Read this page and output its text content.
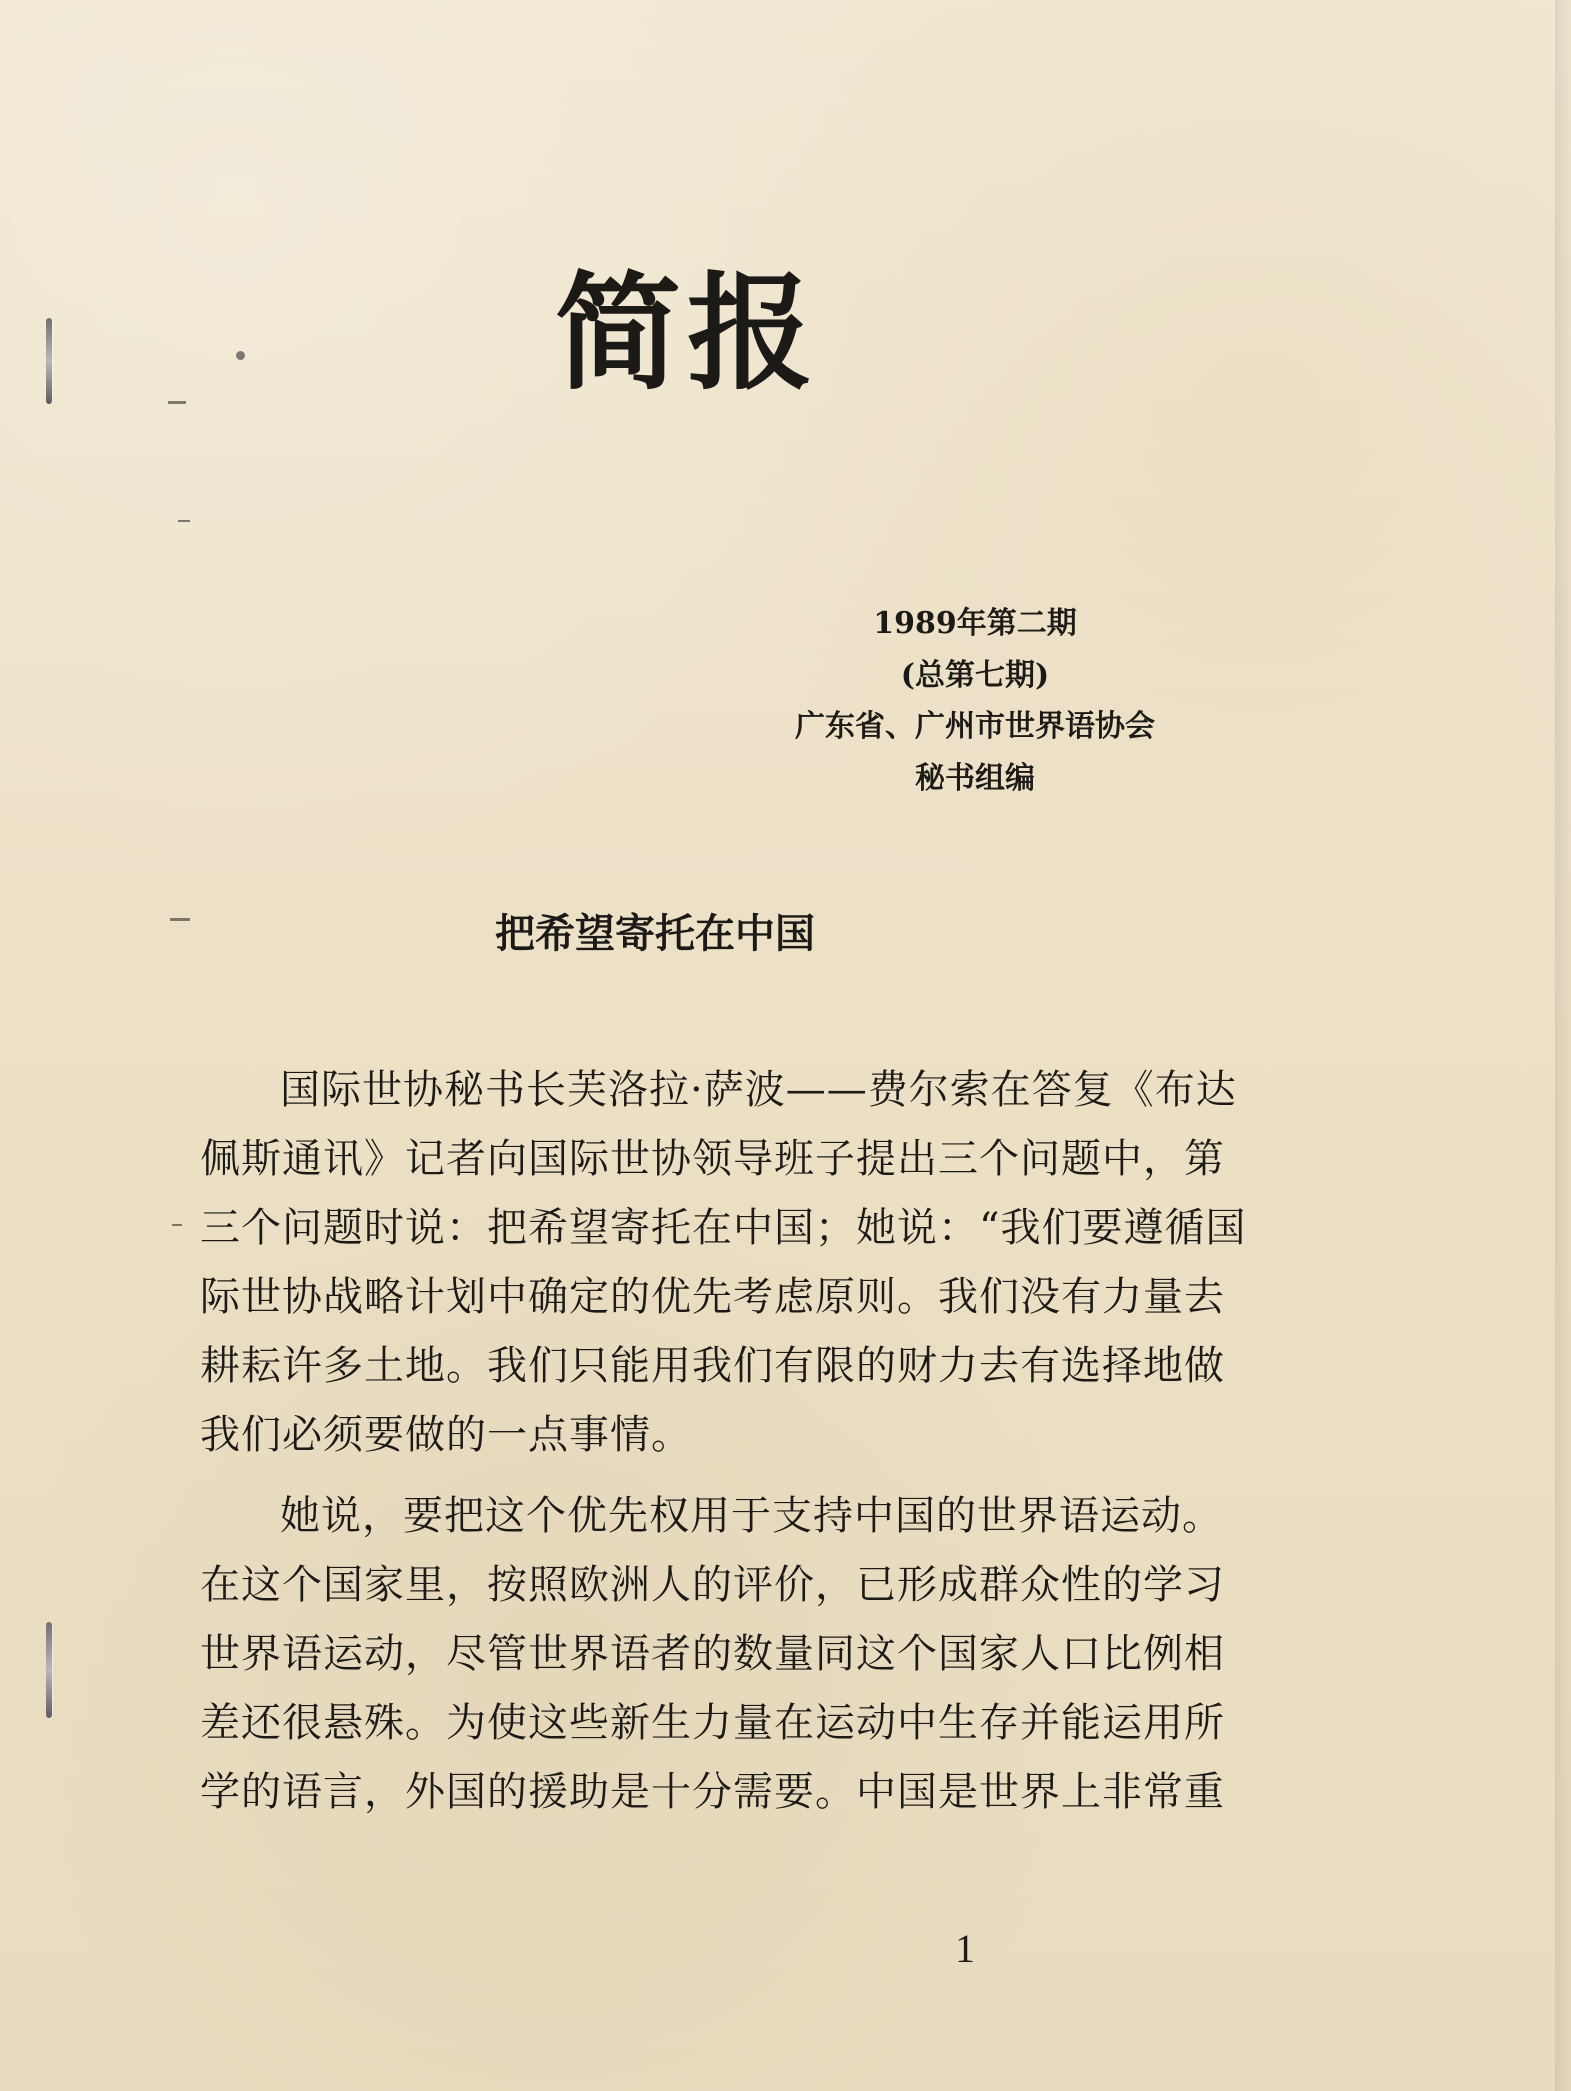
简报
1989年第二期
(总第七期)
广东省、广州市世界语协会
秘书组编
把希望寄托在中国

国际世协秘书长芙洛拉·萨波——费尔索在答复《布达佩斯通讯》记者向国际世协领导班子提出三个问题中，第三个问题时说：把希望寄托在中国；她说：“我们要遵循国际世协战略计划中确定的优先考虑原则。我们没有力量去耕耘许多土地。我们只能用我们有限的财力去有选择地做我们必须要做的一点事情。

她说，要把这个优先权用于支持中国的世界语运动。在这个国家里，按照欧洲人的评价，已形成群众性的学习世界语运动，尽管世界语者的数量同这个国家人口比例相差还很悬殊。为使这些新生力量在运动中生存并能运用所学的语言，外国的援助是十分需要。中国是世界上非常重

1
